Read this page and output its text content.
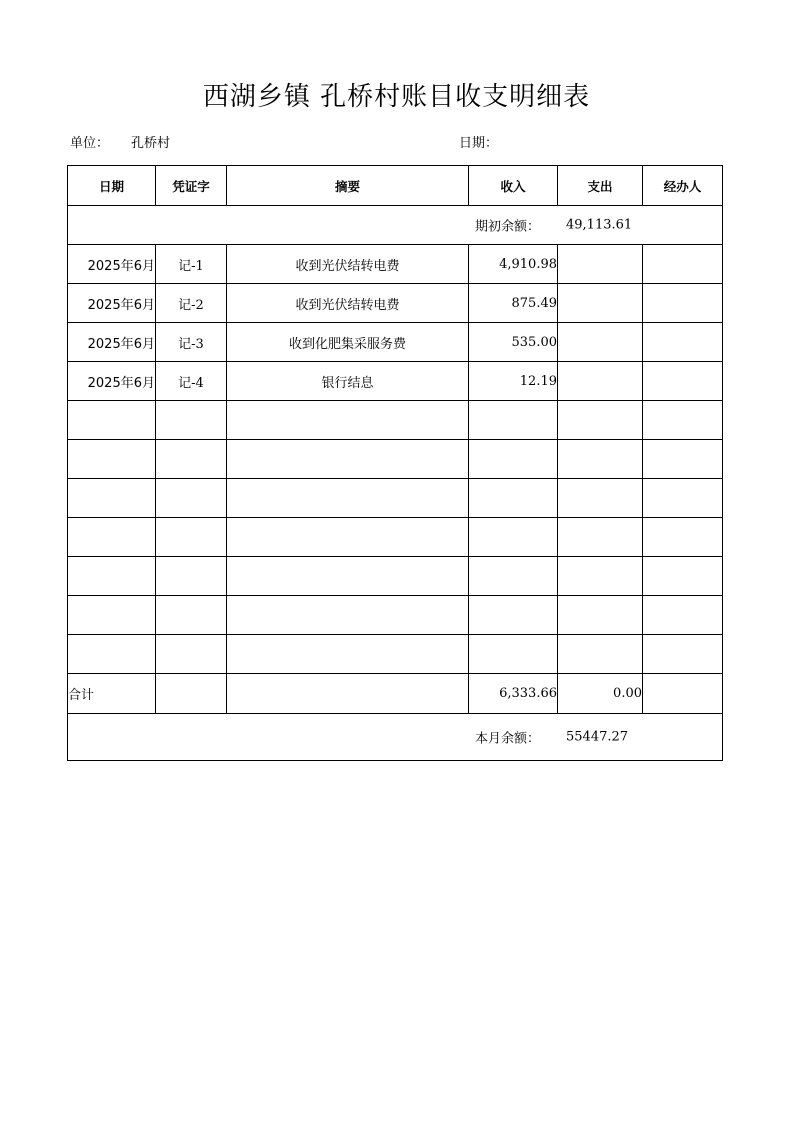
西湖乡镇 孔桥村账目收支明细表
单位： 孔桥村	日期：
日期	凭证字	摘要	收入	支出	经办人

期初余额： 49,113.61					

2025年6月	记-1	收到光伏结转电费	4,910.98		
2025年6月	记-2	收到光伏结转电费	875.49		
2025年6月	记-3	收到化肥集采服务费	535.00		
2025年6月	记-4	银行结息	12.19		

合计			6,333.66	0.00	

本月余额： 55447.27					
